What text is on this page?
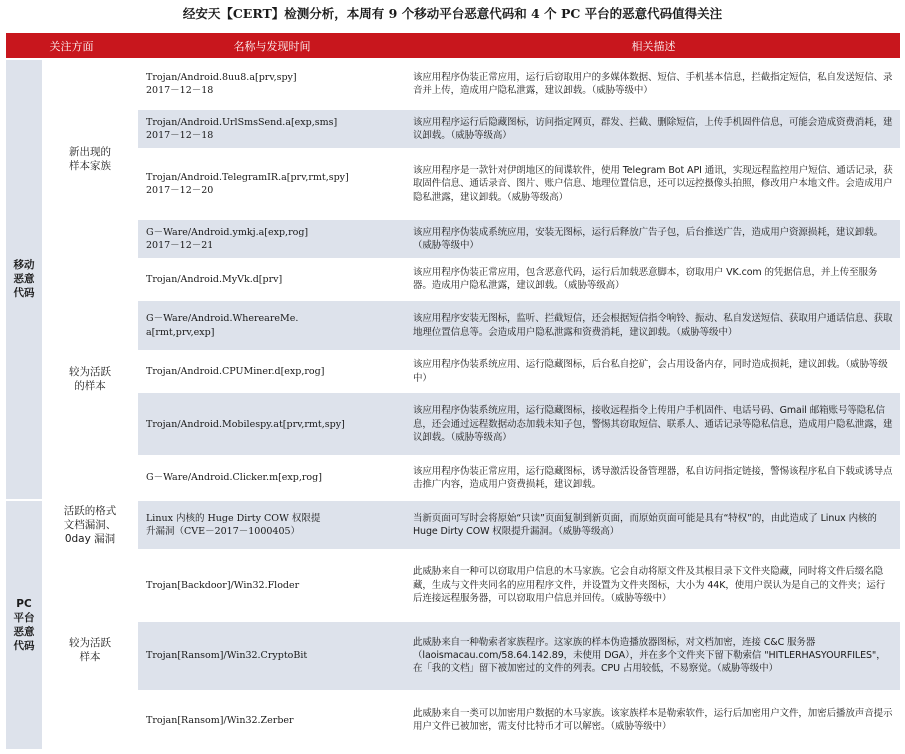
经安天【CERT】检测分析，本周有 9 个移动平台恶意代码和 4 个 PC 平台的恶意代码值得关注
关注方面		名称与发现时间	相关描述
移动
恶意
代码	新出现的
样本家族	Trojan/Android.8uu8.a[prv,spy]
2017－12－18	该应用程序伪装正常应用，运行后窃取用户的多媒体数据、短信、手机基本信息，拦截指定短信，私自发送短信、录音并上传，造成用户隐私泄露，建议卸载。（威胁等级中）

		Trojan/Android.UrlSmsSend.a[exp,sms]
2017－12－18	该应用程序运行后隐藏图标，访问指定网页，群发、拦截、删除短信，上传手机固件信息，可能会造成资费消耗，建议卸载。（威胁等级高）

		Trojan/Android.TelegramIR.a[prv,rmt,spy]
2017－12－20	该应用程序是一款针对伊朗地区的间谍软件，使用 Telegram Bot API 通讯，实现远程监控用户短信、通话记录，获取固件信息、通话录音、图片、账户信息、地理位置信息，还可以远控摄像头拍照，修改用户本地文件。会造成用户隐私泄露，建议卸载。（威胁等级高）

		G－Ware/Android.ymkj.a[exp,rog]
2017－12－21	该应用程序伪装成系统应用，安装无图标，运行后释放广告子包，后台推送广告，造成用户资源损耗，建议卸载。（威胁等级中）

	较为活跃
的样本	Trojan/Android.MyVk.d[prv]	该应用程序伪装正常应用，包含恶意代码，运行后加载恶意脚本，窃取用户 VK.com 的凭据信息，并上传至服务器。造成用户隐私泄露，建议卸载。（威胁等级高）

		G－Ware/Android.WhereareMe.
a[rmt,prv,exp]	该应用程序安装无图标，监听、拦截短信，还会根据短信指令响铃、振动、私自发送短信、获取用户通话信息、获取地理位置信息等。会造成用户隐私泄露和资费消耗，建议卸载。（威胁等级中）

		Trojan/Android.CPUMiner.d[exp,rog]	该应用程序伪装系统应用、运行隐藏图标，后台私自挖矿，会占用设备内存，同时造成损耗，建议卸载。（威胁等级中）

		Trojan/Android.Mobilespy.at[prv,rmt,spy]	该应用程序伪装系统应用，运行隐藏图标，接收远程指令上传用户手机固件、电话号码、Gmail 邮箱账号等隐私信息，还会通过远程数据动态加载未知子包，警惕其窃取短信、联系人、通话记录等隐私信息，造成用户隐私泄露，建议卸载。（威胁等级高）

		G－Ware/Android.Clicker.m[exp,rog]	该应用程序伪装正常应用，运行隐藏图标，诱导激活设备管理器，私自访问指定链接，警惕该程序私自下载或诱导点击推广内容，造成用户资费损耗，建议卸载。

PC
平台
恶意
代码	活跃的格式
文档漏洞、
0day 漏洞	Linux 内核的 Huge Dirty COW 权限提
升漏洞（CVE－2017－1000405）	当新页面可写时会将原始“只读”页面复制到新页面，而原始页面可能是具有“特权”的，由此造成了 Linux 内核的 Huge Dirty COW 权限提升漏洞。（威胁等级高）

	较为活跃
样本	Trojan[Backdoor]/Win32.Floder	此威胁来自一种可以窃取用户信息的木马家族。它会自动将原文件及其根目录下文件夹隐藏，同时将文件后缀名隐藏，生成与文件夹同名的应用程序文件，并设置为文件夹图标，大小为 44K，使用户误认为是自己的文件夹；运行后连接远程服务器，可以窃取用户信息并回传。（威胁等级中）

		Trojan[Ransom]/Win32.CryptoBit	此威胁来自一种勒索者家族程序。这家族的样本伪造播放器图标，对文档加密，连接 C&C 服务器（laoismacau.com/58.64.142.89，未使用 DGA），并在多个文件夹下留下勒索信 "HITLERHASYOURFILES"，在「我的文档」留下被加密过的文件的列表。CPU 占用较低，不易察觉。（威胁等级中）

		Trojan[Ransom]/Win32.Zerber	此威胁来自一类可以加密用户数据的木马家族。该家族样本是勒索软件，运行后加密用户文件，加密后播放声音提示用户文件已被加密，需支付比特币才可以解密。（威胁等级中）
